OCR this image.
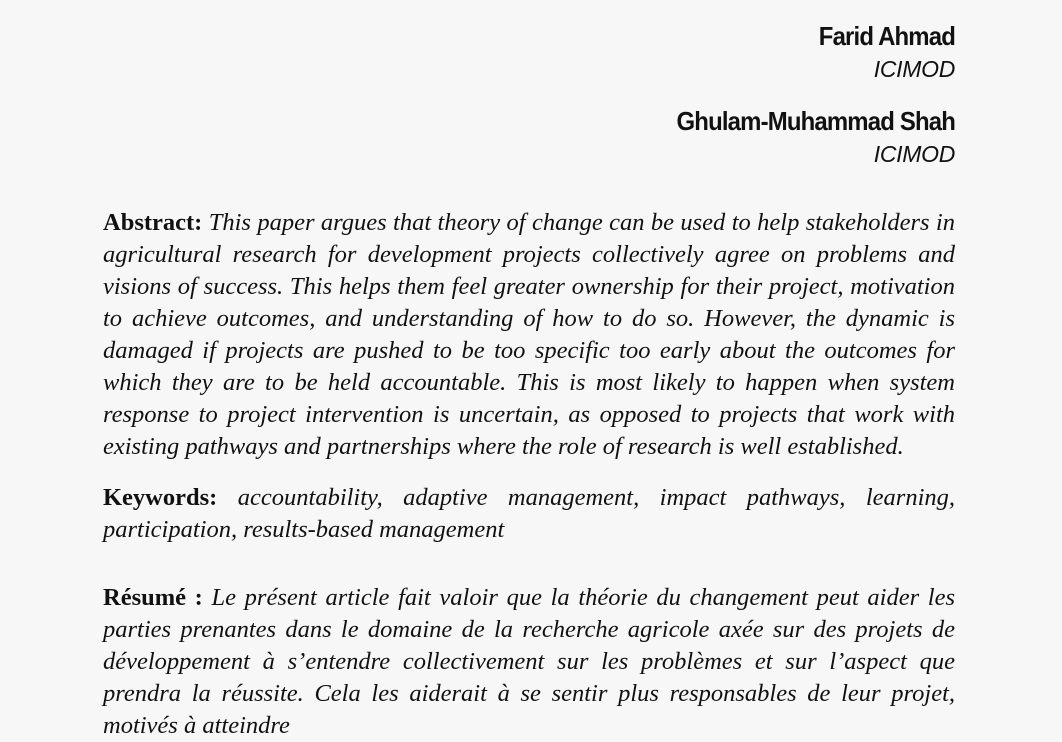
Farid Ahmad
ICIMOD
Ghulam-Muhammad Shah
ICIMOD

Abstract: This paper argues that theory of change can be used to help stakeholders in agricultural research for development projects collectively agree on problems and visions of success. This helps them feel greater ownership for their project, motivation to achieve outcomes, and understanding of how to do so. However, the dynamic is damaged if projects are pushed to be too specific too early about the outcomes for which they are to be held accountable. This is most likely to happen when system response to project intervention is uncertain, as opposed to projects that work with existing pathways and partnerships where the role of research is well established.

Keywords: accountability, adaptive management, impact pathways, learning, participation, results-based management

Résumé : Le présent article fait valoir que la théorie du changement peut aider les parties prenantes dans le domaine de la recherche agricole axée sur des projets de développement à s’entendre collectivement sur les problèmes et sur l’aspect que prendra la réussite. Cela les aiderait à se sentir plus responsables de leur projet, motivés à atteindre
